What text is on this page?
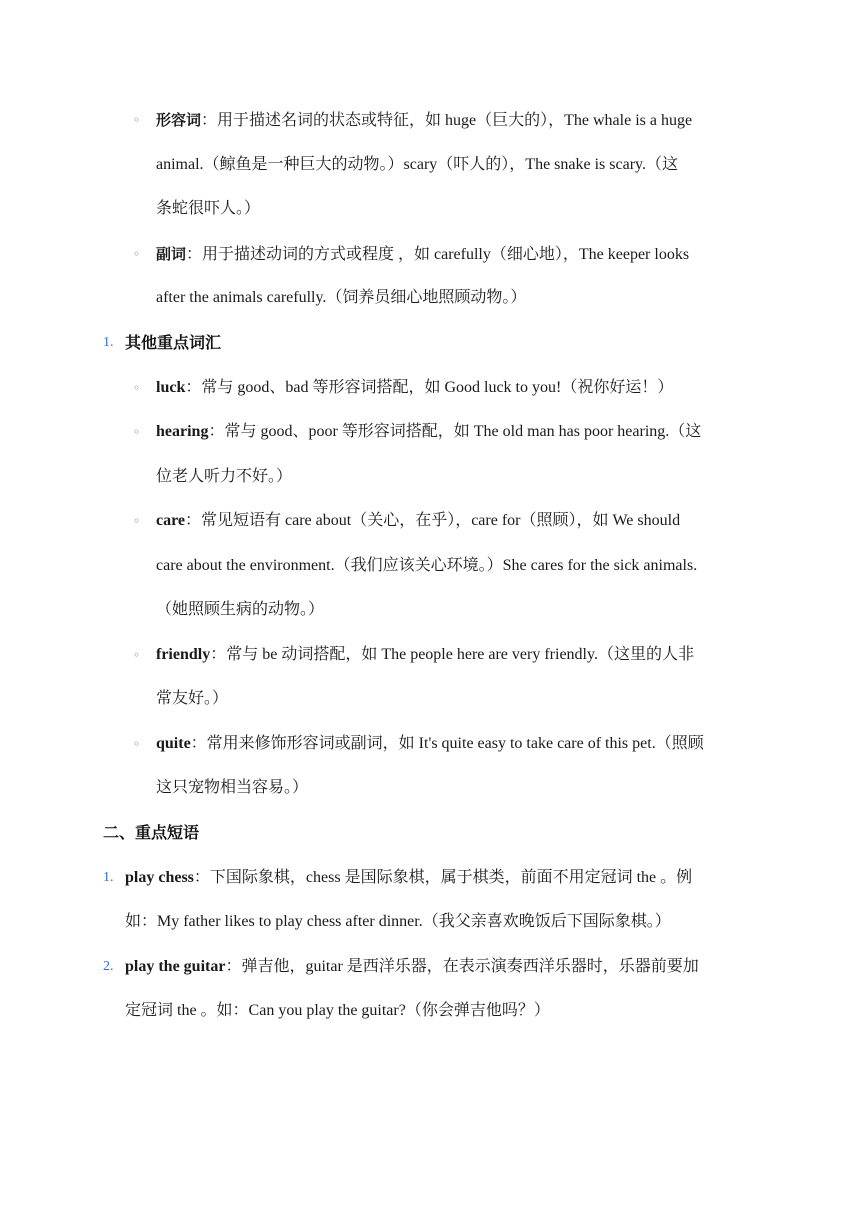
◦ 形容词：用于描述名词的状态或特征，如 huge（巨大的），The whale is a huge
animal.（鲸鱼是一种巨大的动物。）scary（吓人的），The snake is scary.（这
条蛇很吓人。）
◦ 副词：用于描述动词的方式或程度 ，如 carefully（细心地），The keeper looks
after the animals carefully.（饲养员细心地照顾动物。）
1. 其他重点词汇
◦ luck：常与 good、bad 等形容词搭配，如 Good luck to you!（祝你好运！）
◦ hearing：常与 good、poor 等形容词搭配，如 The old man has poor hearing.（这
位老人听力不好。）
◦ care：常见短语有 care about（关心，在乎），care for（照顾），如 We should
care about the environment.（我们应该关心环境。）She cares for the sick animals.
（她照顾生病的动物。）
◦ friendly：常与 be 动词搭配，如 The people here are very friendly.（这里的人非
常友好。）
◦ quite：常用来修饰形容词或副词，如 It's quite easy to take care of this pet.（照顾
这只宠物相当容易。）
二、重点短语
1. play chess：下国际象棋，chess 是国际象棋，属于棋类，前面不用定冠词 the 。例
如：My father likes to play chess after dinner.（我父亲喜欢晚饭后下国际象棋。）
2. play the guitar：弹吉他，guitar 是西洋乐器，在表示演奏西洋乐器时，乐器前要加
定冠词 the 。如：Can you play the guitar?（你会弹吉他吗？）
